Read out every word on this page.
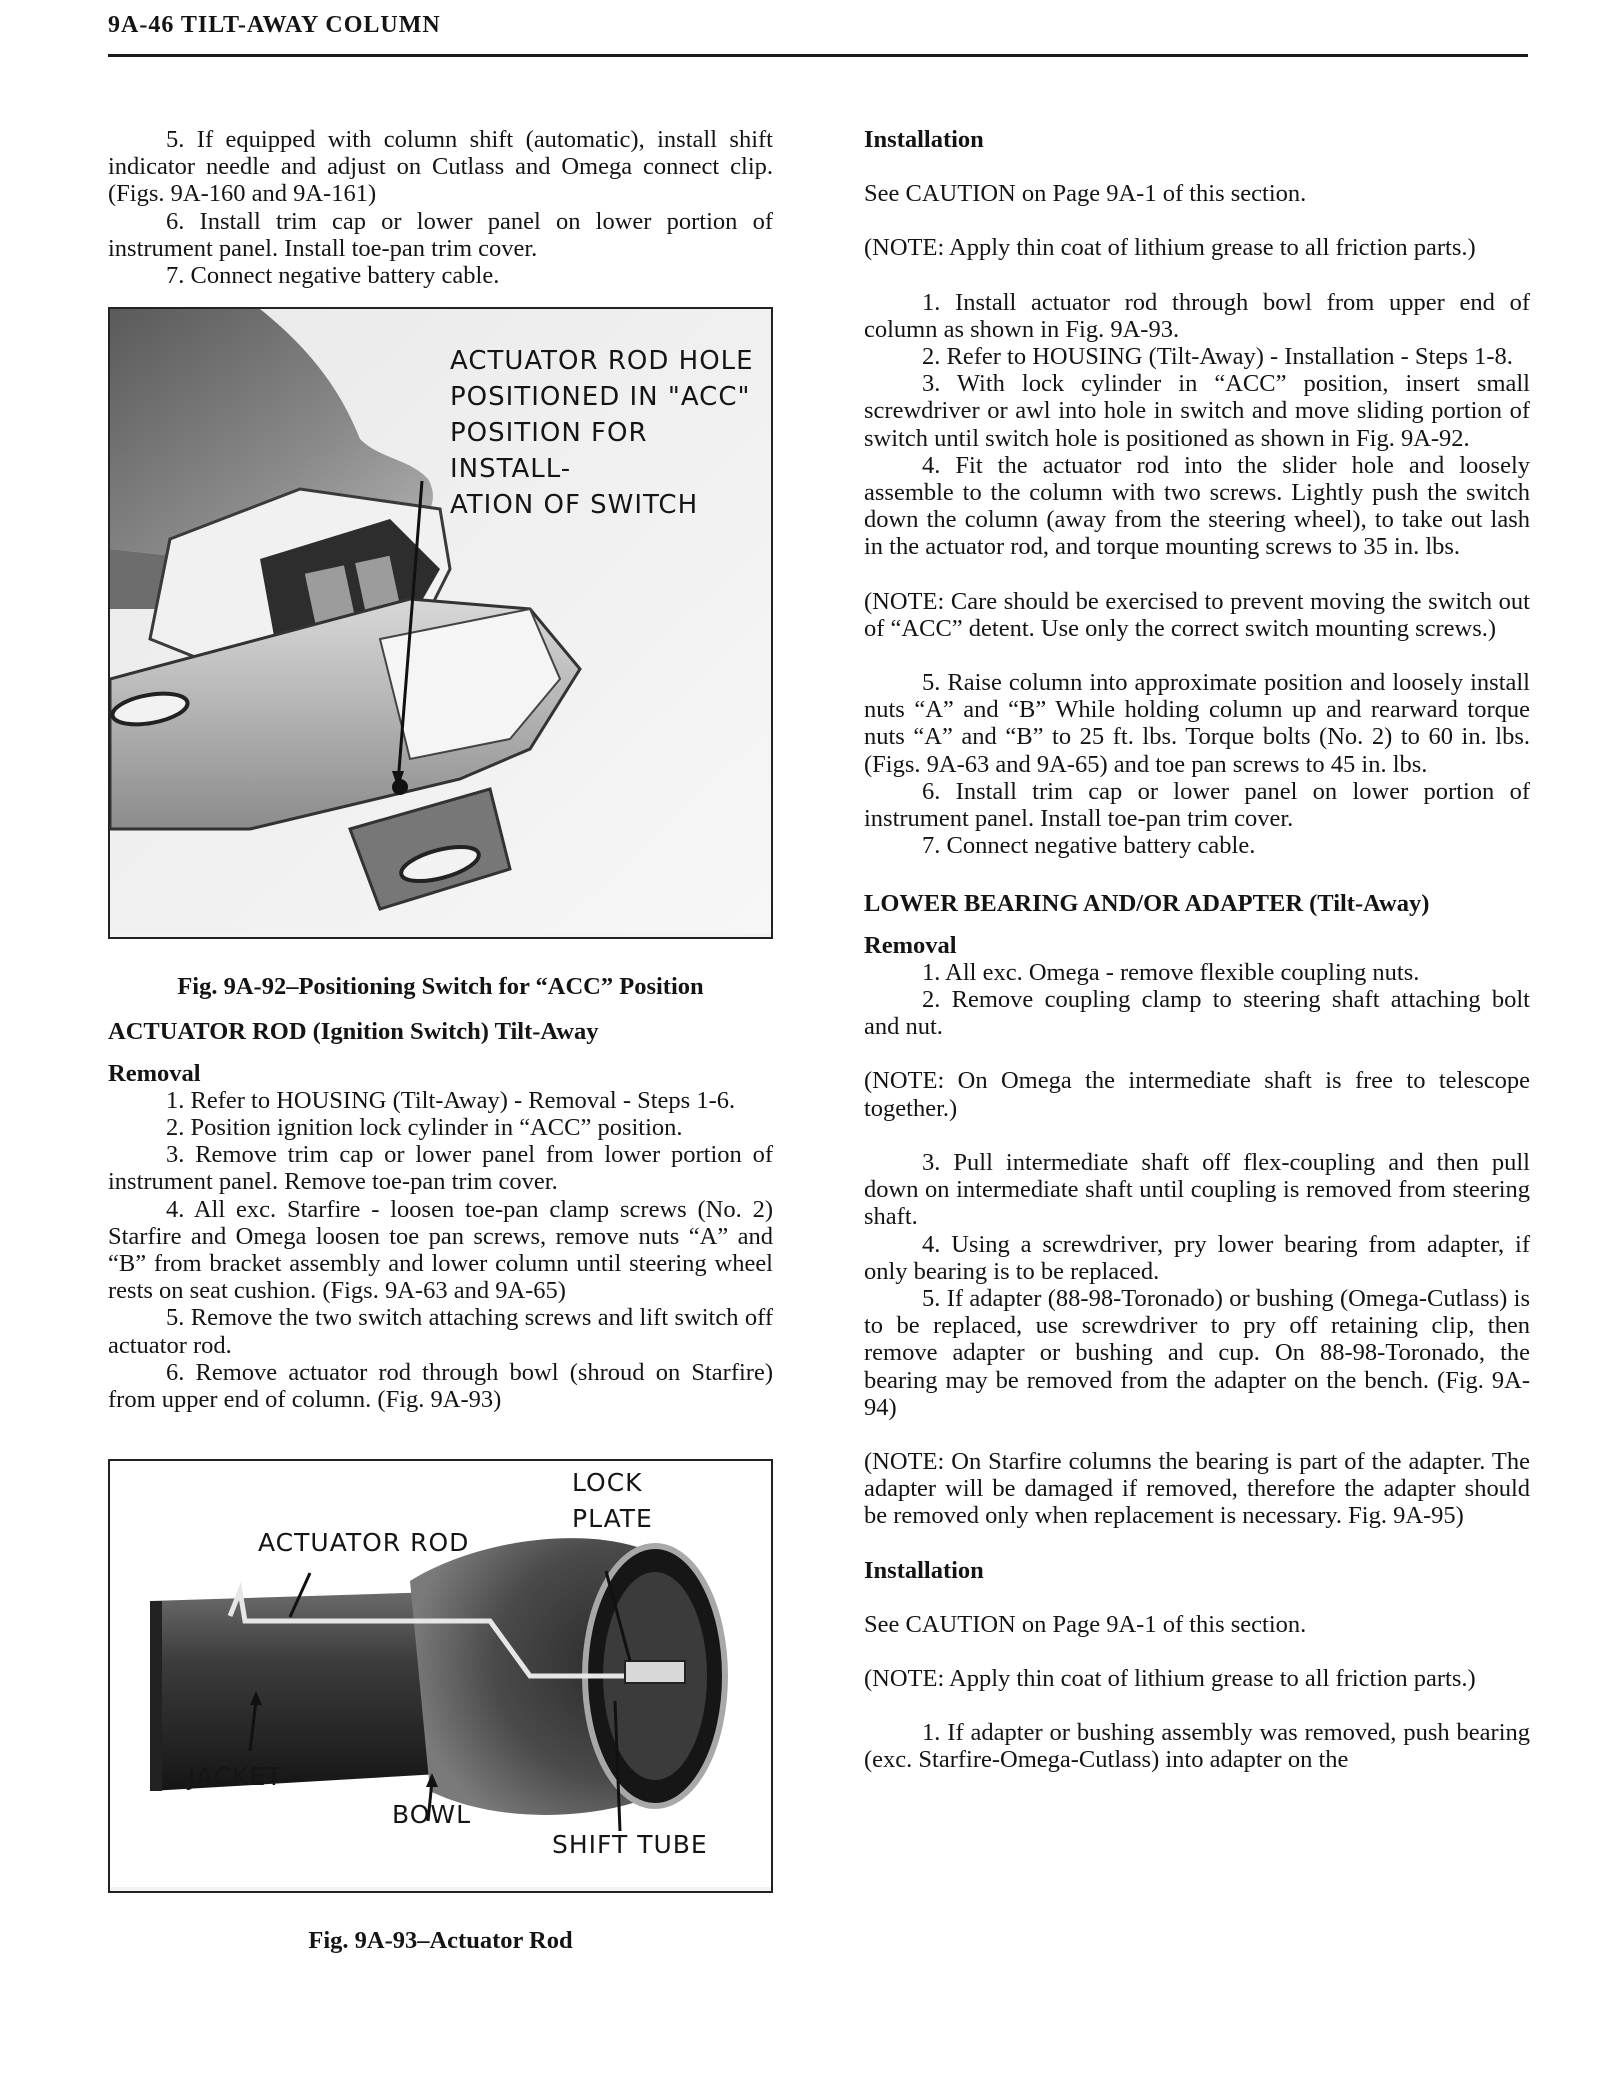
9A-46 TILT-AWAY COLUMN

5. If equipped with column shift (automatic), install shift indicator needle and adjust on Cutlass and Omega connect clip. (Figs. 9A-160 and 9A-161)

6. Install trim cap or lower panel on lower portion of instrument panel. Install toe-pan trim cover.

7. Connect negative battery cable.

ACTUATOR ROD HOLE
POSITIONED IN "ACC"
POSITION FOR INSTALL-
ATION OF SWITCH

Fig. 9A-92–Positioning Switch for “ACC” Position

ACTUATOR ROD (Ignition Switch) Tilt-Away

Removal

1. Refer to HOUSING (Tilt-Away) - Removal - Steps 1-6.

2. Position ignition lock cylinder in “ACC” position.

3. Remove trim cap or lower panel from lower portion of instrument panel. Remove toe-pan trim cover.

4. All exc. Starfire - loosen toe-pan clamp screws (No. 2) Starfire and Omega loosen toe pan screws, remove nuts “A” and “B” from bracket assembly and lower column until steering wheel rests on seat cushion. (Figs. 9A-63 and 9A-65)

5. Remove the two switch attaching screws and lift switch off actuator rod.

6. Remove actuator rod through bowl (shroud on Starfire) from upper end of column. (Fig. 9A-93)

ACTUATOR ROD
LOCK
PLATE
JACKET
BOWL
SHIFT TUBE

Fig. 9A-93–Actuator Rod

Installation

See CAUTION on Page 9A-1 of this section.

(NOTE: Apply thin coat of lithium grease to all friction parts.)

1. Install actuator rod through bowl from upper end of column as shown in Fig. 9A-93.

2. Refer to HOUSING (Tilt-Away) - Installation - Steps 1-8.

3. With lock cylinder in “ACC” position, insert small screwdriver or awl into hole in switch and move sliding portion of switch until switch hole is positioned as shown in Fig. 9A-92.

4. Fit the actuator rod into the slider hole and loosely assemble to the column with two screws. Lightly push the switch down the column (away from the steering wheel), to take out lash in the actuator rod, and torque mounting screws to 35 in. lbs.

(NOTE: Care should be exercised to prevent moving the switch out of “ACC” detent. Use only the correct switch mounting screws.)

5. Raise column into approximate position and loosely install nuts “A” and “B” While holding column up and rearward torque nuts “A” and “B” to 25 ft. lbs. Torque bolts (No. 2) to 60 in. lbs. (Figs. 9A-63 and 9A-65) and toe pan screws to 45 in. lbs.

6. Install trim cap or lower panel on lower portion of instrument panel. Install toe-pan trim cover.

7. Connect negative battery cable.

LOWER BEARING AND/OR ADAPTER (Tilt-Away)

Removal

1. All exc. Omega - remove flexible coupling nuts.

2. Remove coupling clamp to steering shaft attaching bolt and nut.

(NOTE: On Omega the intermediate shaft is free to telescope together.)

3. Pull intermediate shaft off flex-coupling and then pull down on intermediate shaft until coupling is removed from steering shaft.

4. Using a screwdriver, pry lower bearing from adapter, if only bearing is to be replaced.

5. If adapter (88-98-Toronado) or bushing (Omega-Cutlass) is to be replaced, use screwdriver to pry off retaining clip, then remove adapter or bushing and cup. On 88-98-Toronado, the bearing may be removed from the adapter on the bench. (Fig. 9A-94)

(NOTE: On Starfire columns the bearing is part of the adapter. The adapter will be damaged if removed, therefore the adapter should be removed only when replacement is necessary. Fig. 9A-95)

Installation

See CAUTION on Page 9A-1 of this section.

(NOTE: Apply thin coat of lithium grease to all friction parts.)

1. If adapter or bushing assembly was removed, push bearing (exc. Starfire-Omega-Cutlass) into adapter on the
